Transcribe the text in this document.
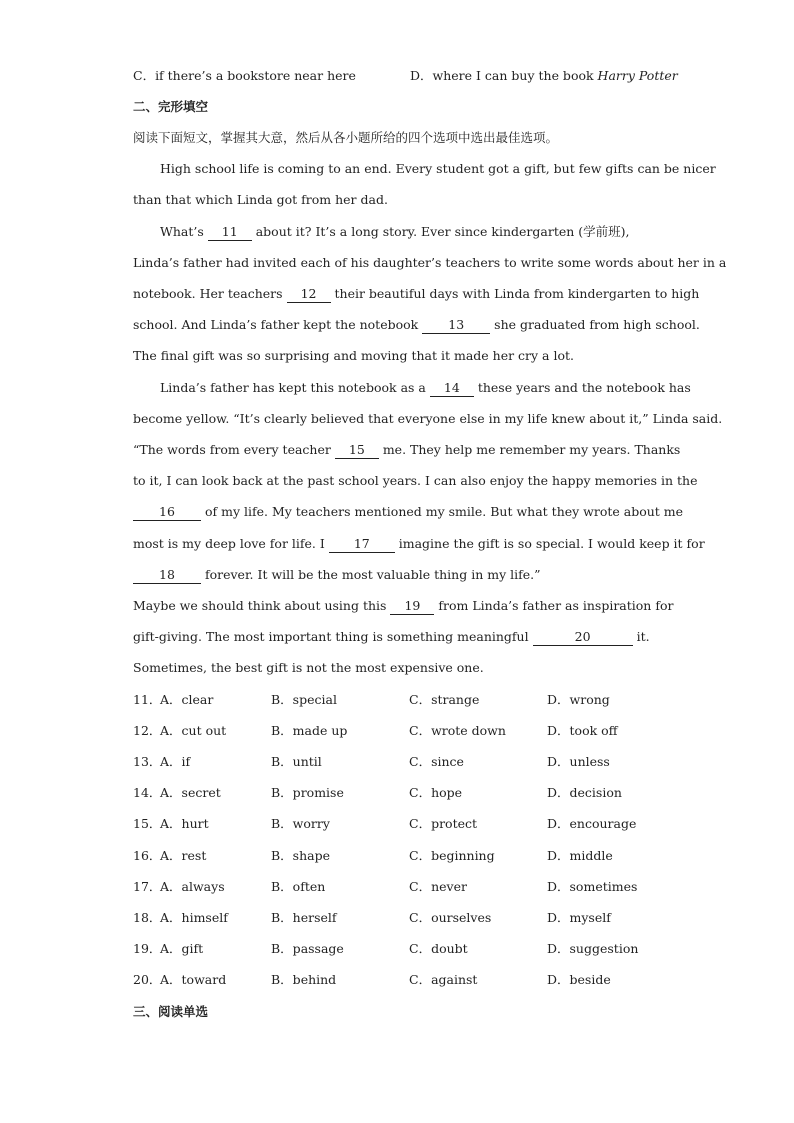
C．if there’s a bookstore near here	D．where I can buy the book Harry Potter
二、完形填空
阅读下面短文，掌握其大意，然后从各小题所给的四个选项中选出最佳选项。
High school life is coming to an end. Every student got a gift, but few gifts can be nicer
than that which Linda got from her dad.
What’s 11 about it? It’s a long story. Ever since kindergarten (学前班),
Linda’s father had invited each of his daughter’s teachers to write some words about her in a
notebook. Her teachers 12 their beautiful days with Linda from kindergarten to high
school. And Linda’s father kept the notebook 13 she graduated from high school.
The final gift was so surprising and moving that it made her cry a lot.
Linda’s father has kept this notebook as a 14 these years and the notebook has
become yellow. “It’s clearly believed that everyone else in my life knew about it,” Linda said.
“The words from every teacher 15 me. They help me remember my years. Thanks
to it, I can look back at the past school years. I can also enjoy the happy memories in the
16 of my life. My teachers mentioned my smile. But what they wrote about me
most is my deep love for life. I 17 imagine the gift is so special. I would keep it for
18 forever. It will be the most valuable thing in my life.”
Maybe we should think about using this 19 from Linda’s father as inspiration for
gift-giving. The most important thing is something meaningful	20	it.
Sometimes, the best gift is not the most expensive one.
11．
A．clear	B．special	C．strange	D．wrong
12．
A．cut out	B．made up	C．wrote down	D．took off
13．
A．if	B．until	C．since	D．unless
14．
A．secret	B．promise	C．hope	D．decision
15．
A．hurt	B．worry	C．protect	D．encourage
16．
A．rest	B．shape	C．beginning	D．middle
17．
A．always	B．often	C．never	D．sometimes
18．
A．himself	B．herself	C．ourselves	D．myself
19．
A．gift	B．passage	C．doubt	D．suggestion
20．
A．toward	B．behind	C．against	D．beside
三、阅读单选
